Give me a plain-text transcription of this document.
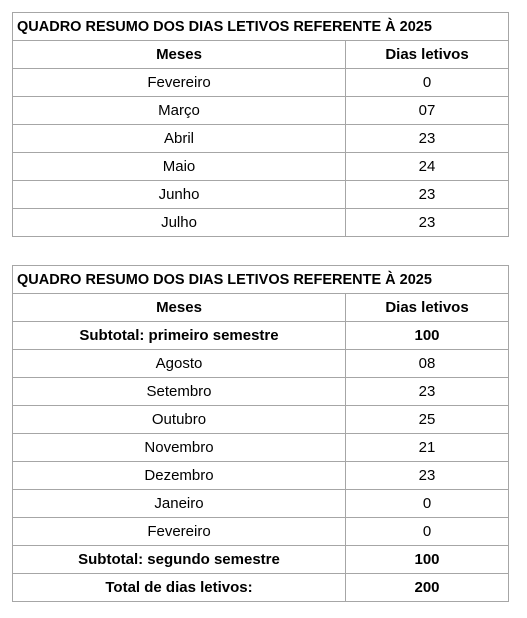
QUADRO RESUMO DOS DIAS LETIVOS REFERENTE À 2025	
Meses	Dias letivos
Fevereiro	0
Março	07
Abril	23
Maio	24
Junho	23
Julho	23
QUADRO RESUMO DOS DIAS LETIVOS REFERENTE À 2025	
Meses	Dias letivos
Subtotal: primeiro semestre	100
Agosto	08
Setembro	23
Outubro	25
Novembro	21
Dezembro	23
Janeiro	0
Fevereiro	0
Subtotal: segundo semestre	100
Total de dias letivos:	200
